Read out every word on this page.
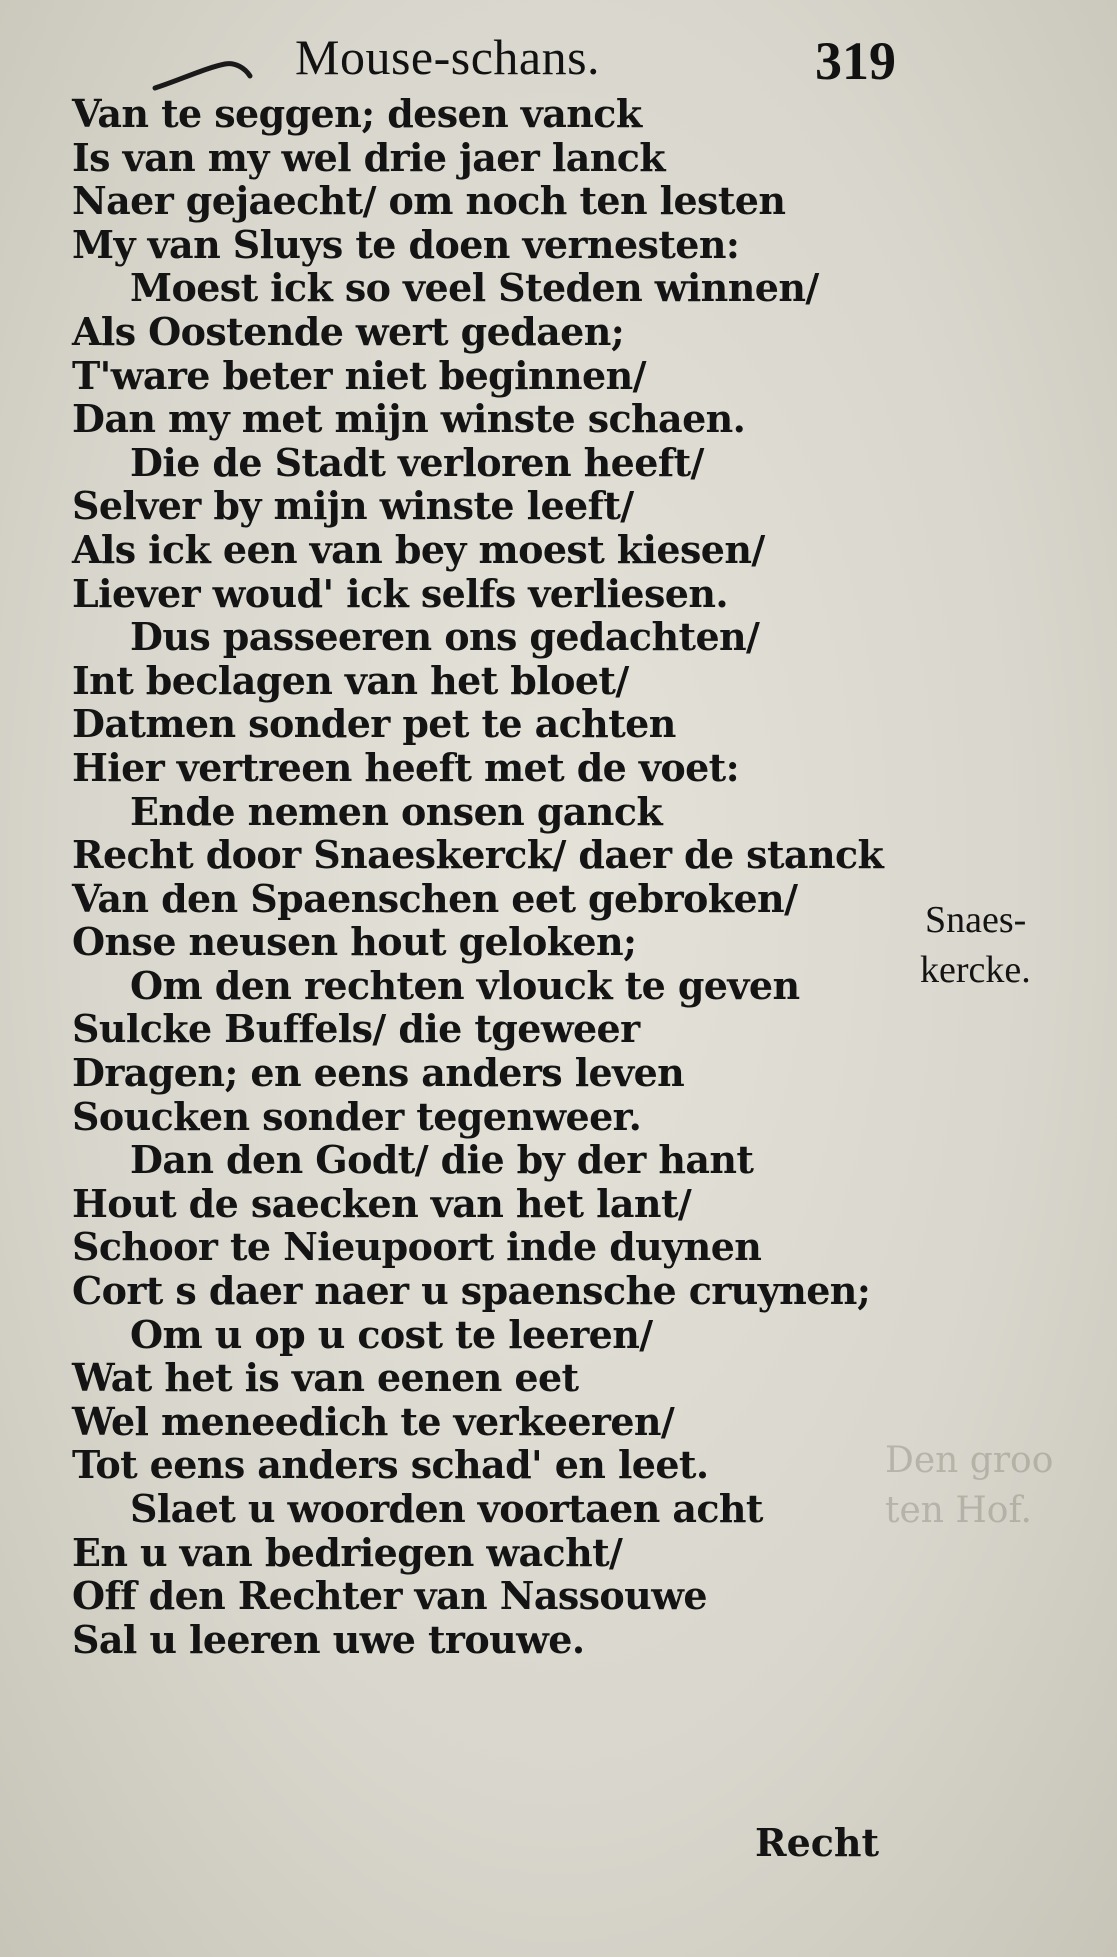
Mouse-schans.	319
Den groo
ten Hof.
Van te seggen; desen vanck
Is van my wel drie jaer lanck
Naer gejaecht/ om noch ten lesten
My van Sluys te doen vernesten:
Moest ick so veel Steden winnen/
Als Oostende wert gedaen;
T'ware beter niet beginnen/
Dan my met mijn winste schaen.
Die de Stadt verloren heeft/
Selver by mijn winste leeft/
Als ick een van bey moest kiesen/
Liever woud' ick selfs verliesen.
Dus passeeren ons gedachten/
Int beclagen van het bloet/
Datmen sonder pet te achten
Hier vertreen heeft met de voet:
Ende nemen onsen ganck
Recht door Snaeskerck/ daer de stanck
Van den Spaenschen eet gebroken/
Onse neusen hout geloken;
Om den rechten vlouck te geven
Sulcke Buffels/ die tgeweer
Dragen; en eens anders leven
Soucken sonder tegenweer.
Dan den Godt/ die by der hant
Hout de saecken van het lant/
Schoor te Nieupoort inde duynen
Cort s daer naer u spaensche cruynen;
Om u op u cost te leeren/
Wat het is van eenen eet
Wel meneedich te verkeeren/
Tot eens anders schad' en leet.
Slaet u woorden voortaen acht
En u van bedriegen wacht/
Off den Rechter van Nassouwe
Sal u leeren uwe trouwe.
Snaes-
kercke.
Recht
